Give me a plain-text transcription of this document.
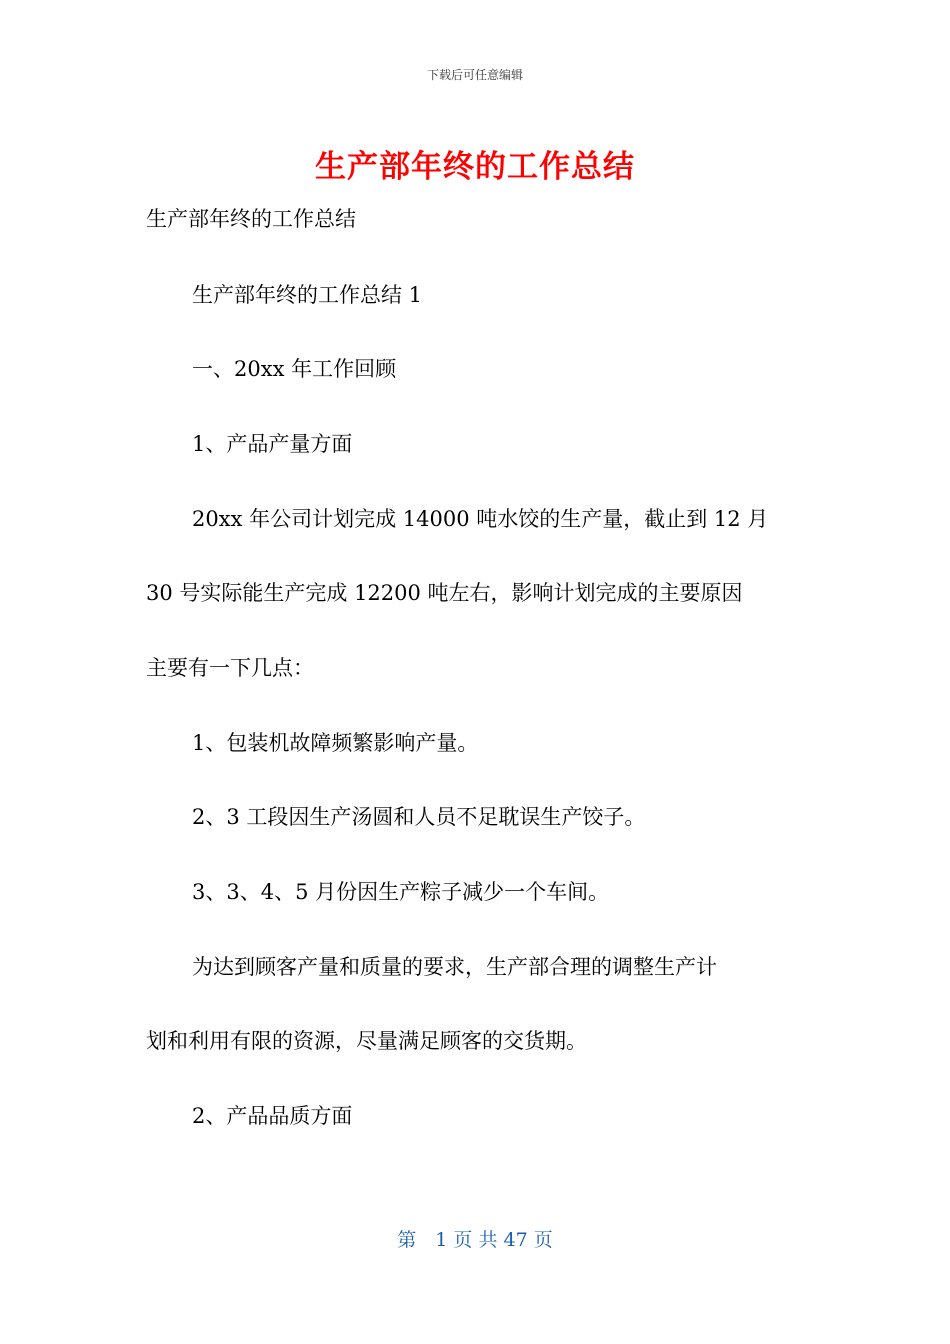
下载后可任意编辑
生产部年终的工作总结
生产部年终的工作总结
生产部年终的工作总结 1
一、20xx 年工作回顾
1、产品产量方面
20xx 年公司计划完成 14000 吨水饺的生产量，截止到 12 月
30 号实际能生产完成 12200 吨左右，影响计划完成的主要原因
主要有一下几点：
1、包装机故障频繁影响产量。
2、3 工段因生产汤圆和人员不足耽误生产饺子。
3、3、4、5 月份因生产粽子减少一个车间。
为达到顾客产量和质量的要求，生产部合理的调整生产计
划和利用有限的资源，尽量满足顾客的交货期。
2、产品品质方面
第　1 页 共 47 页
